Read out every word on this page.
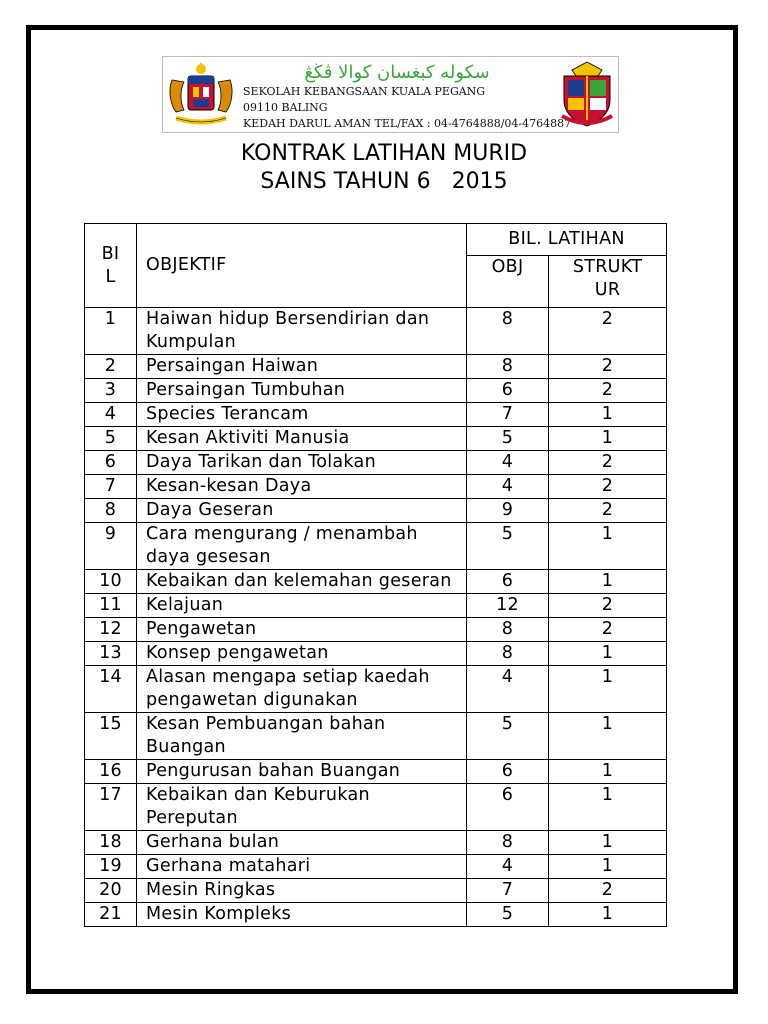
سكولە كبغسان كوالا ڤڬڠ
SEKOLAH KEBANGSAAN KUALA PEGANG
09110 BALING
KEDAH DARUL AMAN TEL/FAX : 04-4764888/04-4764887
KONTRAK LATIHAN MURID
SAINS TAHUN 6   2015
BI
L	OBJEKTIF	BIL. LATIHAN	
		OBJ	STRUKT
UR
1	Haiwan hidup Bersendirian dan Kumpulan	8	2
2	Persaingan Haiwan	8	2
3	Persaingan Tumbuhan	6	2
4	Species Terancam	7	1
5	Kesan Aktiviti Manusia	5	1
6	Daya Tarikan dan Tolakan	4	2
7	Kesan-kesan Daya	4	2
8	Daya Geseran	9	2
9	Cara mengurang / menambah daya gesesan	5	1
10	Kebaikan dan kelemahan geseran	6	1
11	Kelajuan	12	2
12	Pengawetan	8	2
13	Konsep pengawetan	8	1
14	Alasan mengapa setiap kaedah pengawetan digunakan	4	1
15	Kesan Pembuangan bahan Buangan	5	1
16	Pengurusan bahan Buangan	6	1
17	Kebaikan dan Keburukan Pereputan	6	1
18	Gerhana bulan	8	1
19	Gerhana matahari	4	1
20	Mesin Ringkas	7	2
21	Mesin Kompleks	5	1
